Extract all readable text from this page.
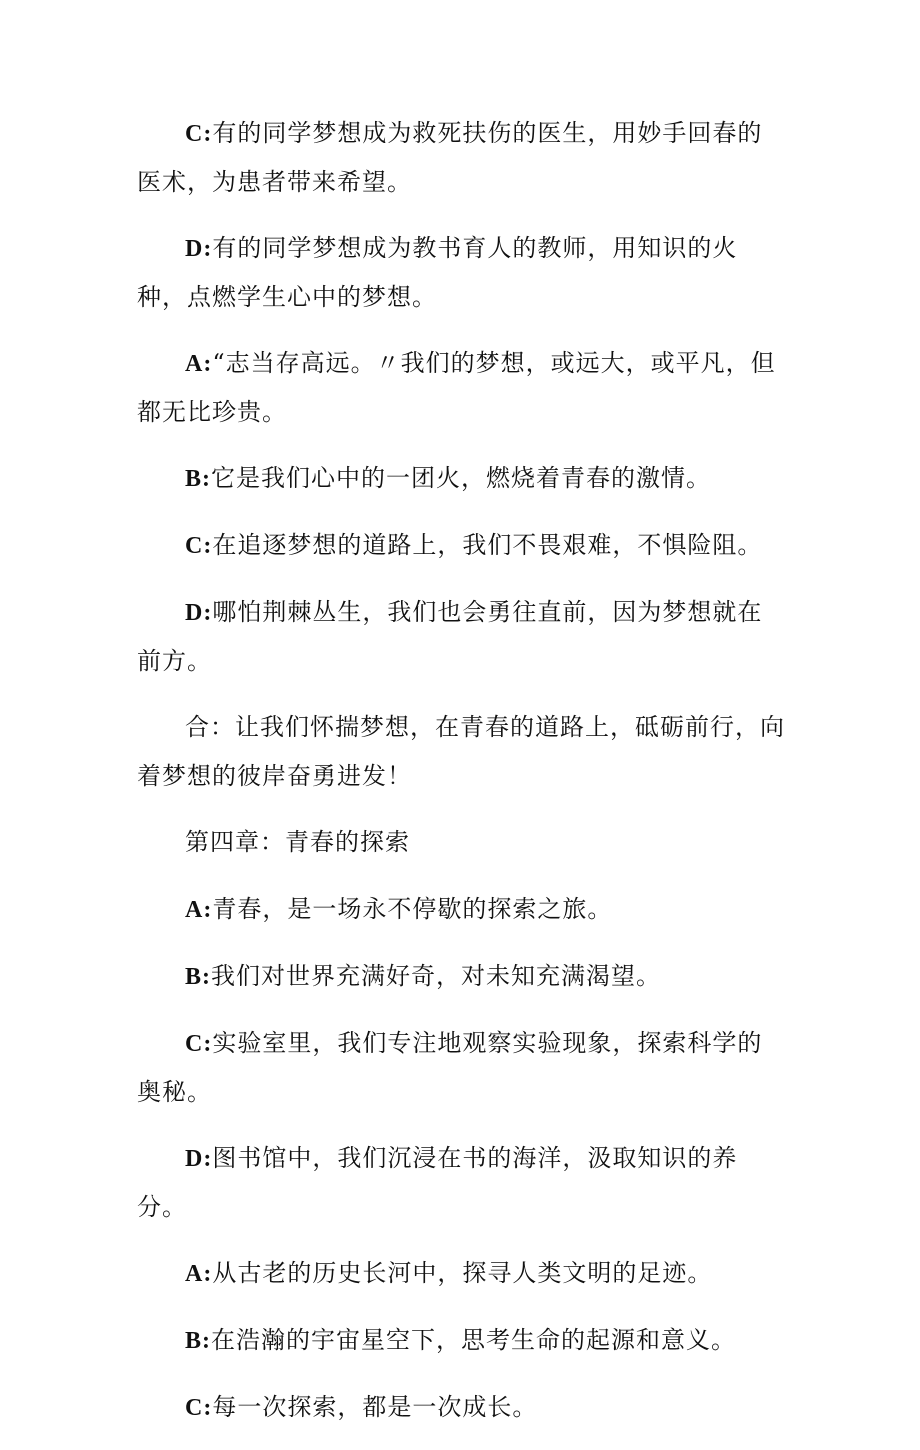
C:有的同学梦想成为救死扶伤的医生，用妙手回春的医术，为患者带来希望。

D:有的同学梦想成为教书育人的教师，用知识的火种，点燃学生心中的梦想。

A:“志当存高远。〃我们的梦想，或远大，或平凡，但都无比珍贵。

B:它是我们心中的一团火，燃烧着青春的激情。

C:在追逐梦想的道路上，我们不畏艰难，不惧险阻。

D:哪怕荆棘丛生，我们也会勇往直前，因为梦想就在前方。

合：让我们怀揣梦想，在青春的道路上，砥砺前行，向着梦想的彼岸奋勇进发！

第四章：青春的探索

A:青春，是一场永不停歇的探索之旅。

B:我们对世界充满好奇，对未知充满渴望。

C:实验室里，我们专注地观察实验现象，探索科学的奥秘。

D:图书馆中，我们沉浸在书的海洋，汲取知识的养分。

A:从古老的历史长河中，探寻人类文明的足迹。

B:在浩瀚的宇宙星空下，思考生命的起源和意义。

C:每一次探索，都是一次成长。
